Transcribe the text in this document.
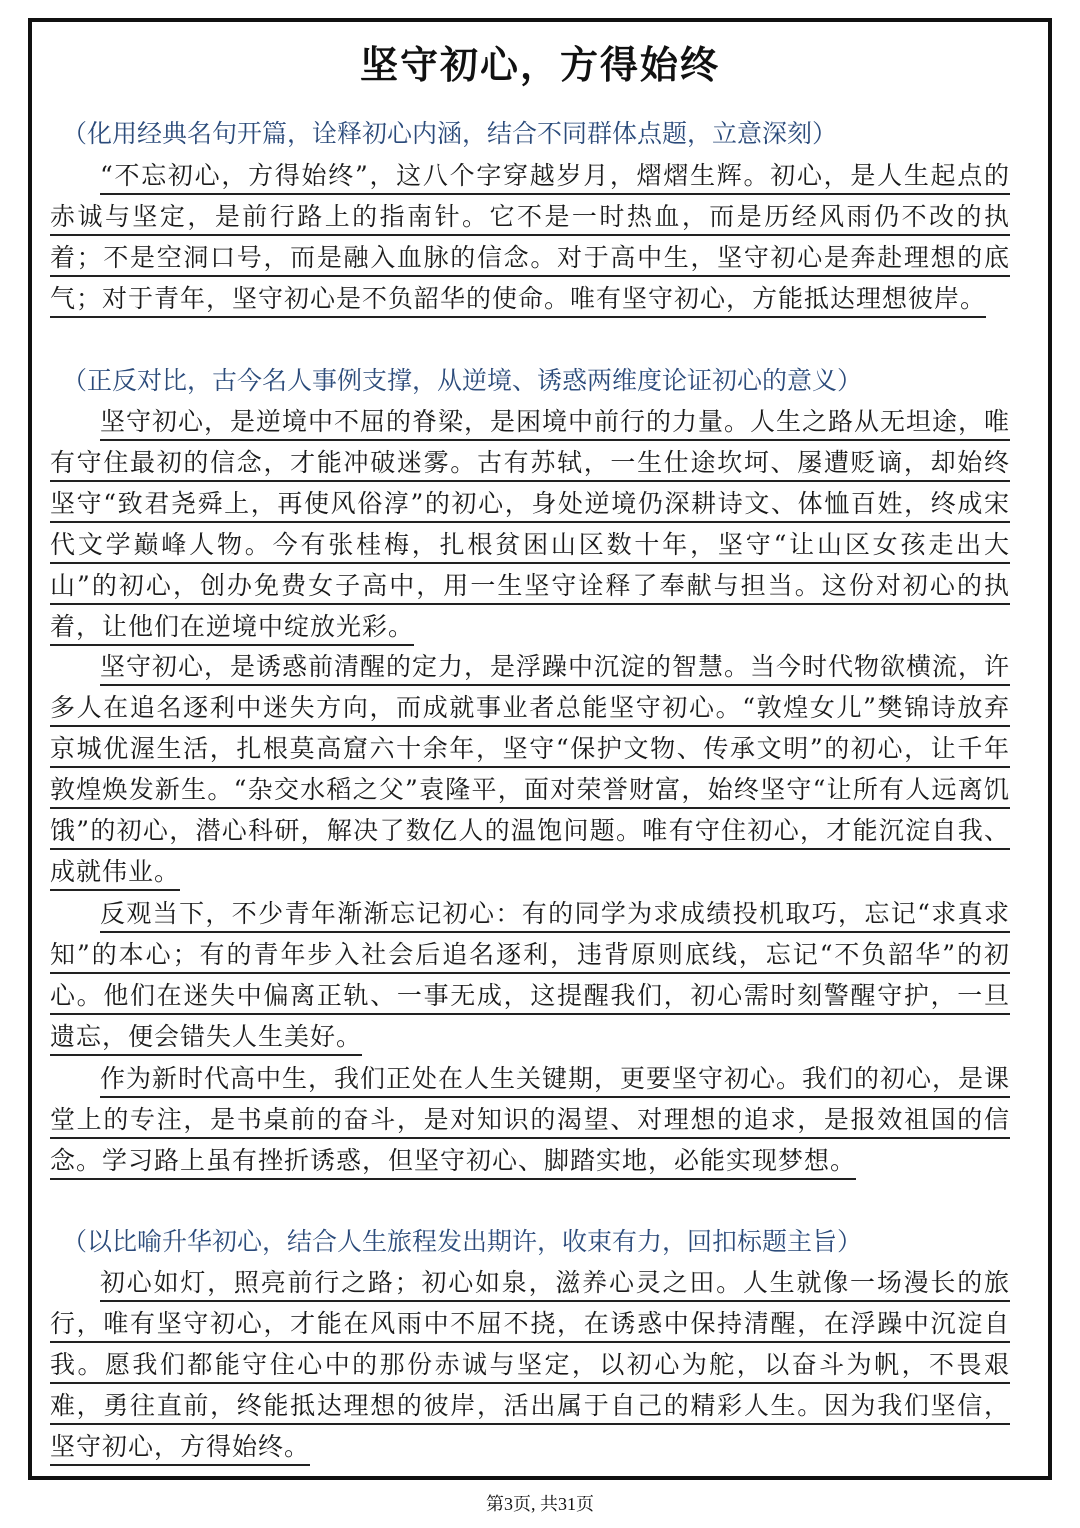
坚守初心，方得始终
（化用经典名句开篇，诠释初心内涵，结合不同群体点题，立意深刻）
“不忘初心，方得始终”，这八个字穿越岁月，熠熠生辉。初心，是人生起点的赤诚与坚定，是前行路上的指南针。它不是一时热血，而是历经风雨仍不改的执着；不是空洞口号，而是融入血脉的信念。对于高中生，坚守初心是奔赴理想的底气；对于青年，坚守初心是不负韶华的使命。唯有坚守初心，方能抵达理想彼岸。
（正反对比，古今名人事例支撑，从逆境、诱惑两维度论证初心的意义）
坚守初心，是逆境中不屈的脊梁，是困境中前行的力量。人生之路从无坦途，唯有守住最初的信念，才能冲破迷雾。古有苏轼，一生仕途坎坷、屡遭贬谪，却始终坚守“致君尧舜上，再使风俗淳”的初心，身处逆境仍深耕诗文、体恤百姓，终成宋代文学巅峰人物。今有张桂梅，扎根贫困山区数十年，坚守“让山区女孩走出大山”的初心，创办免费女子高中，用一生坚守诠释了奉献与担当。这份对初心的执着，让他们在逆境中绽放光彩。
坚守初心，是诱惑前清醒的定力，是浮躁中沉淀的智慧。当今时代物欲横流，许多人在追名逐利中迷失方向，而成就事业者总能坚守初心。“敦煌女儿”樊锦诗放弃京城优渥生活，扎根莫高窟六十余年，坚守“保护文物、传承文明”的初心，让千年敦煌焕发新生。“杂交水稻之父”袁隆平，面对荣誉财富，始终坚守“让所有人远离饥饿”的初心，潜心科研，解决了数亿人的温饱问题。唯有守住初心，才能沉淀自我、成就伟业。
反观当下，不少青年渐渐忘记初心：有的同学为求成绩投机取巧，忘记“求真求知”的本心；有的青年步入社会后追名逐利，违背原则底线，忘记“不负韶华”的初心。他们在迷失中偏离正轨、一事无成，这提醒我们，初心需时刻警醒守护，一旦遗忘，便会错失人生美好。
作为新时代高中生，我们正处在人生关键期，更要坚守初心。我们的初心，是课堂上的专注，是书桌前的奋斗，是对知识的渴望、对理想的追求，是报效祖国的信念。学习路上虽有挫折诱惑，但坚守初心、脚踏实地，必能实现梦想。
（以比喻升华初心，结合人生旅程发出期许，收束有力，回扣标题主旨）
初心如灯，照亮前行之路；初心如泉，滋养心灵之田。人生就像一场漫长的旅行，唯有坚守初心，才能在风雨中不屈不挠，在诱惑中保持清醒，在浮躁中沉淀自我。愿我们都能守住心中的那份赤诚与坚定，以初心为舵，以奋斗为帆，不畏艰难，勇往直前，终能抵达理想的彼岸，活出属于自己的精彩人生。因为我们坚信，坚守初心，方得始终。
第3页, 共31页
